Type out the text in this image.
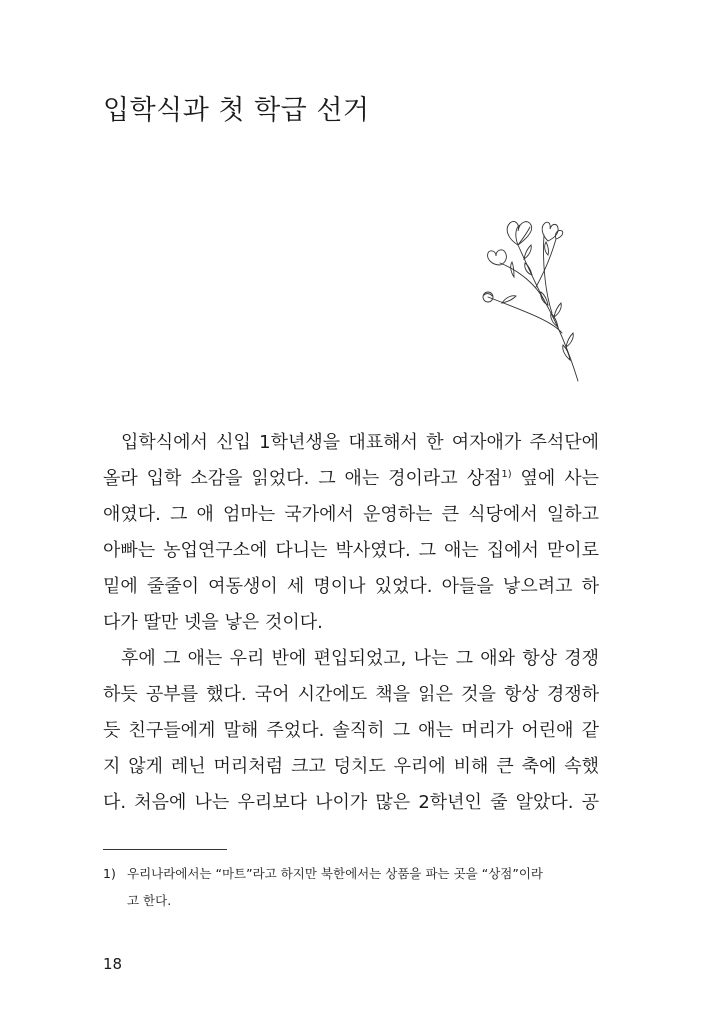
입학식과 첫 학급 선거

입학식에서 신입 1학년생을 대표해서 한 여자애가 주석단에

올라 입학 소감을 읽었다. 그 애는 경이라고 상점$^{1)}$ 옆에 사는

애였다. 그 애 엄마는 국가에서 운영하는 큰 식당에서 일하고

아빠는 농업연구소에 다니는 박사였다. 그 애는 집에서 맏이로

밑에 줄줄이 여동생이 세 명이나 있었다. 아들을 낳으려고 하

다가 딸만 넷을 낳은 것이다.

후에 그 애는 우리 반에 편입되었고, 나는 그 애와 항상 경쟁

하듯 공부를 했다. 국어 시간에도 책을 읽은 것을 항상 경쟁하

듯 친구들에게 말해 주었다. 솔직히 그 애는 머리가 어린애 같

지 않게 레닌 머리처럼 크고 덩치도 우리에 비해 큰 축에 속했

다. 처음에 나는 우리보다 나이가 많은 2학년인 줄 알았다. 공

1) 우리나라에서는 “마트”라고 하지만 북한에서는 상품을 파는 곳을 “상점”이라
고 한다.
18
